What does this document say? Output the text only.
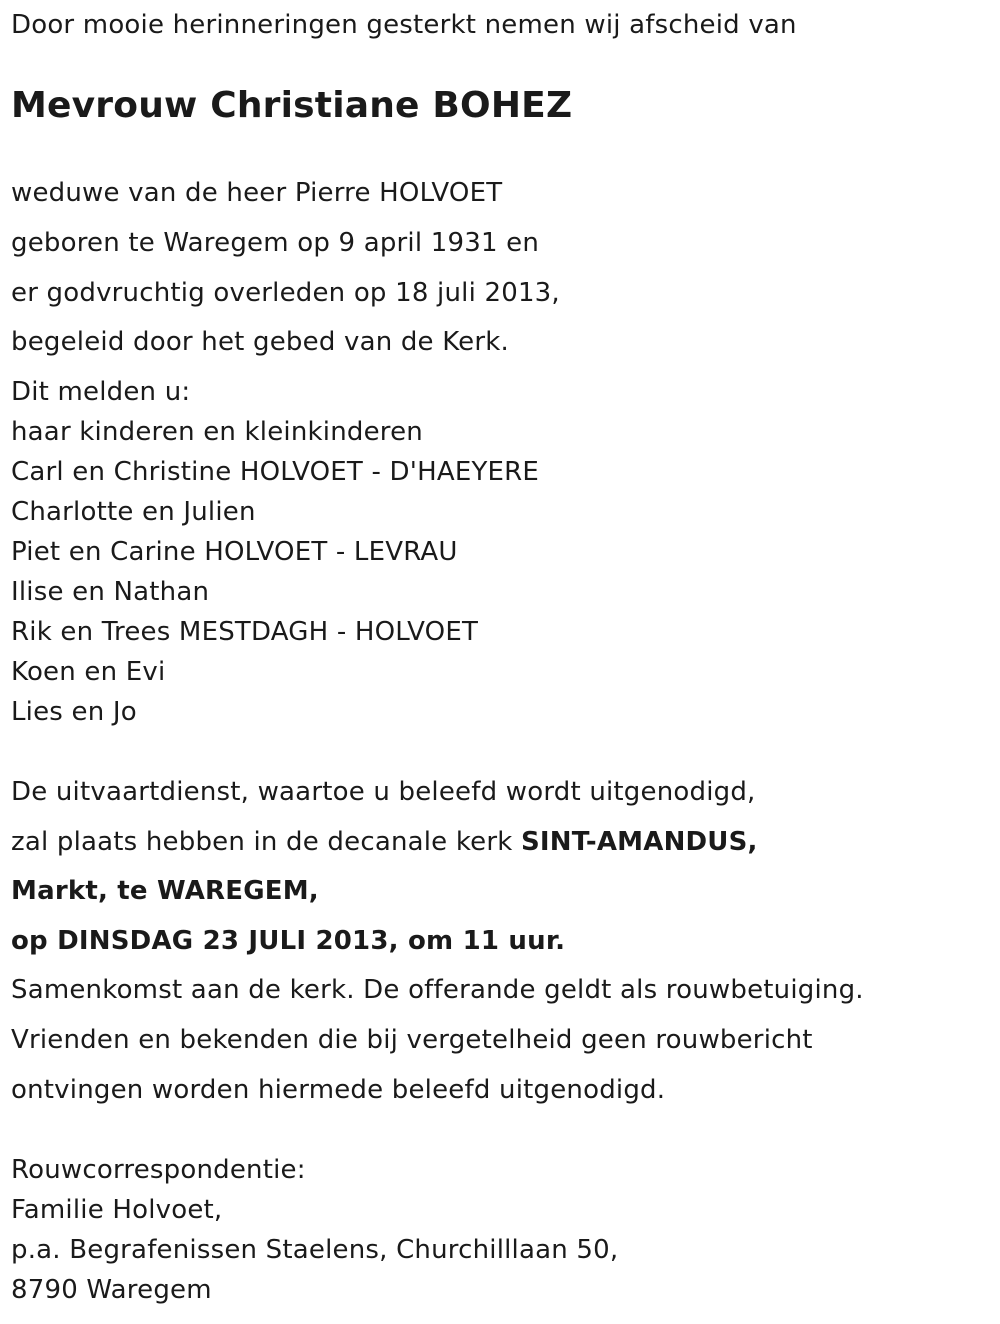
Door mooie herinneringen gesterkt nemen wij afscheid van
Mevrouw Christiane BOHEZ
weduwe van de heer Pierre HOLVOET
geboren te Waregem op 9 april 1931 en
er godvruchtig overleden op 18 juli 2013,
begeleid door het gebed van de Kerk.
Dit melden u:
haar kinderen en kleinkinderen
Carl en Christine HOLVOET - D'HAEYERE
Charlotte en Julien
Piet en Carine HOLVOET - LEVRAU
Ilise en Nathan
Rik en Trees MESTDAGH - HOLVOET
Koen en Evi
Lies en Jo
De uitvaartdienst, waartoe u beleefd wordt uitgenodigd,
zal plaats hebben in de decanale kerk SINT-AMANDUS,
Markt, te WAREGEM,
op DINSDAG 23 JULI 2013, om 11 uur.
Samenkomst aan de kerk. De offerande geldt als rouwbetuiging.
Vrienden en bekenden die bij vergetelheid geen rouwbericht
ontvingen worden hiermede beleefd uitgenodigd.
Rouwcorrespondentie:
Familie Holvoet,
p.a. Begrafenissen Staelens, Churchilllaan 50,
8790 Waregem
